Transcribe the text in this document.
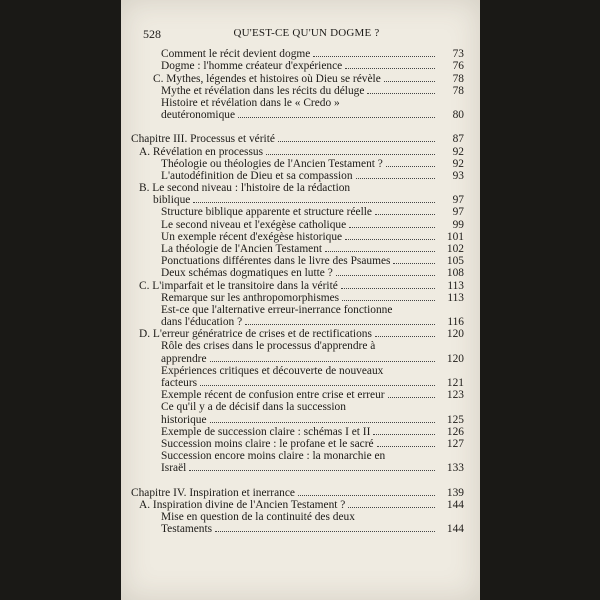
528	QU'EST-CE QU'UN DOGME ?
Comment le récit devient dogme	73
Dogme : l'homme créateur d'expérience	76
C. Mythes, légendes et histoires où Dieu se révèle	78
Mythe et révélation dans les récits du déluge	78
Histoire et révélation dans le « Credo »
deutéronomique	80
Chapitre III. Processus et vérité	87
A. Révélation en processus	92
Théologie ou théologies de l'Ancien Testament ?	92
L'autodéfinition de Dieu et sa compassion	93
B. Le second niveau : l'histoire de la rédaction
biblique	97
Structure biblique apparente et structure réelle	97
Le second niveau et l'exégèse catholique	99
Un exemple récent d'exégèse historique	101
La théologie de l'Ancien Testament	102
Ponctuations différentes dans le livre des Psaumes	105
Deux schémas dogmatiques en lutte ?	108
C. L'imparfait et le transitoire dans la vérité	113
Remarque sur les anthropomorphismes	113
Est-ce que l'alternative erreur-inerrance fonctionne
dans l'éducation ?	116
D. L'erreur génératrice de crises et de rectifications	120
Rôle des crises dans le processus d'apprendre à
apprendre	120
Expériences critiques et découverte de nouveaux
facteurs	121
Exemple récent de confusion entre crise et erreur	123
Ce qu'il y a de décisif dans la succession
historique	125
Exemple de succession claire : schémas I et II	126
Succession moins claire : le profane et le sacré	127
Succession encore moins claire : la monarchie en
Israël	133
Chapitre IV. Inspiration et inerrance	139
A. Inspiration divine de l'Ancien Testament ?	144
Mise en question de la continuité des deux
Testaments	144
